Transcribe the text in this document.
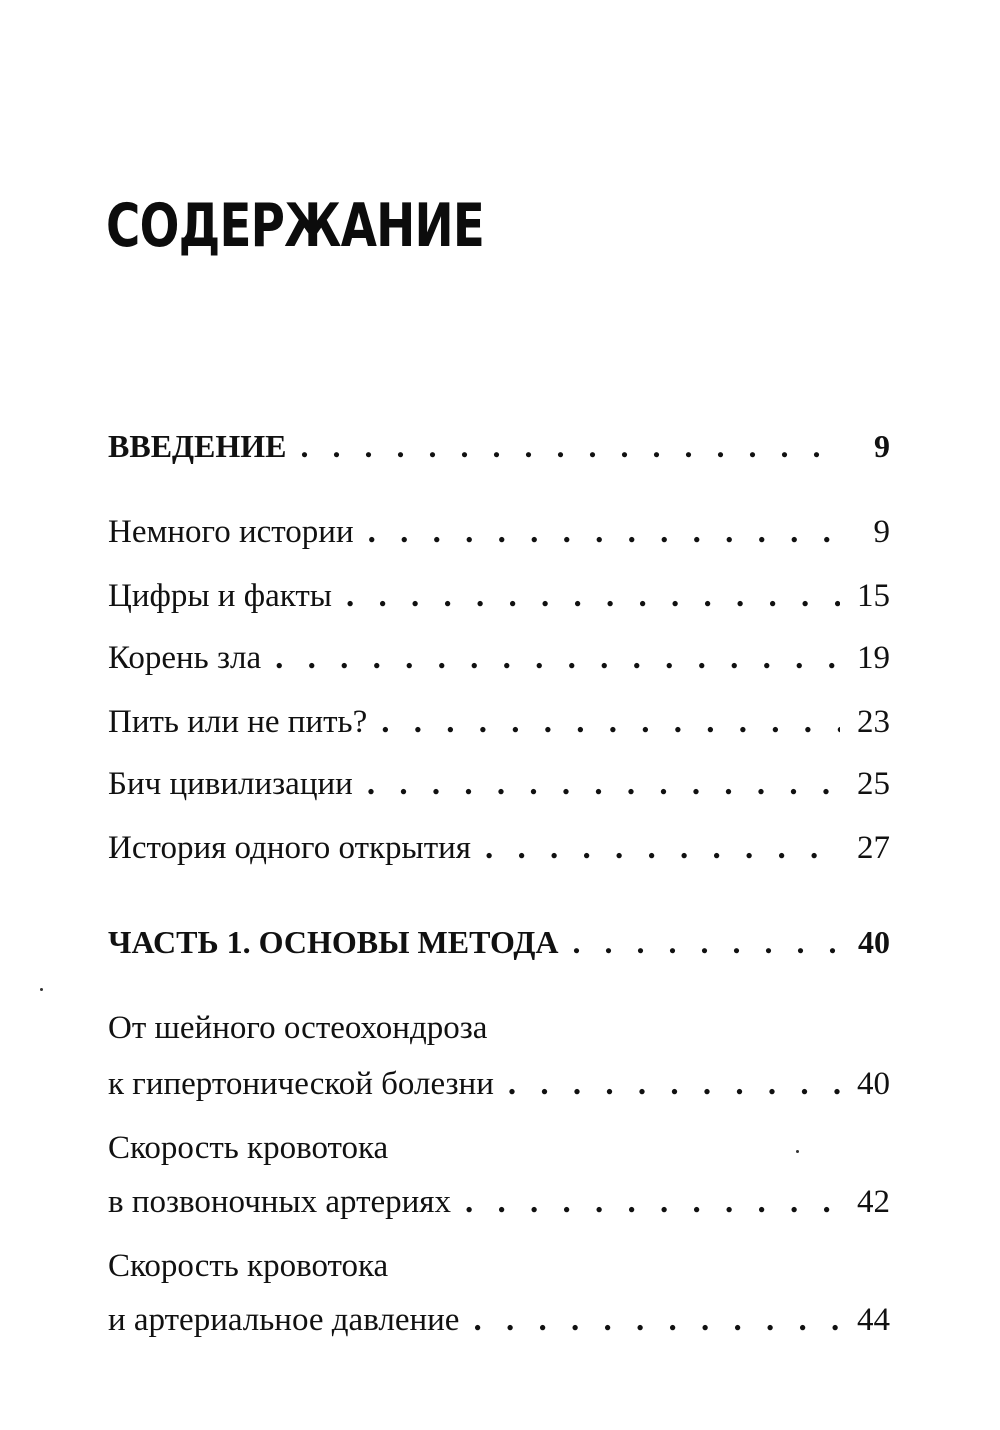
СОДЕРЖАНИЕ
ВВЕДЕНИЕ . . .	9
Немного истории . . .	9
Цифры и факты . . .	15
Корень зла . . .	19
Пить или не пить? . . .	23
Бич цивилизации . . .	25
История одного открытия . . .	27
ЧАСТЬ 1. ОСНОВЫ МЕТОДА . . .	40
От шейного остеохондроза
к гипертонической болезни . . .	40
Скорость кровотока
в позвоночных артериях . . .	42
Скорость кровотока
и артериальное давление . . .	44
